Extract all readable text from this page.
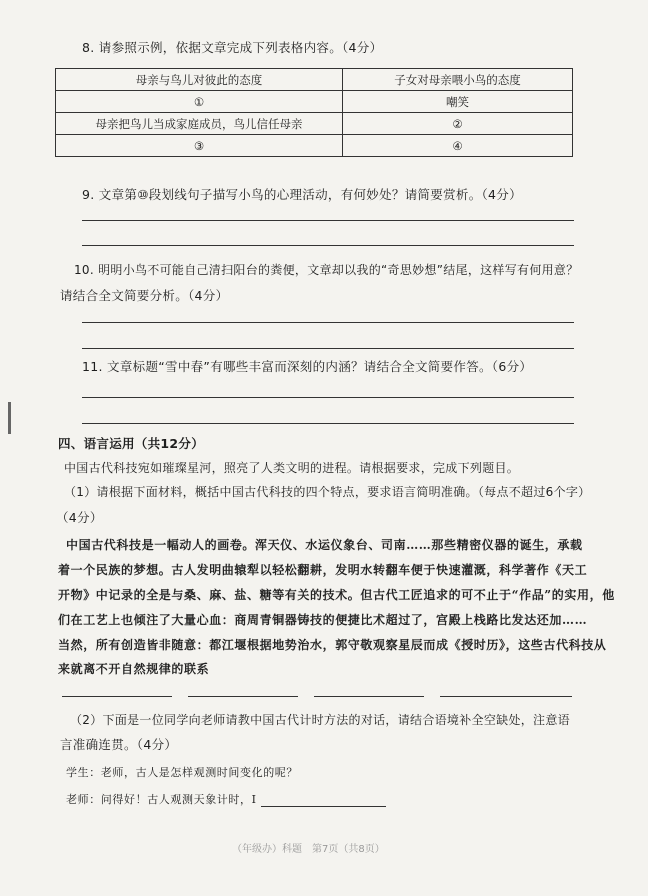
8. 请参照示例，依据文章完成下列表格内容。（4分）
母亲与鸟儿对彼此的态度	子女对母亲喂小鸟的态度
①	嘲笑
母亲把鸟儿当成家庭成员，鸟儿信任母亲	②
③	④
9. 文章第⑩段划线句子描写小鸟的心理活动，有何妙处？请简要赏析。（4分）
10. 明明小鸟不可能自己清扫阳台的粪便，文章却以我的“奇思妙想”结尾，这样写有何用意？
请结合全文简要分析。（4分）
11. 文章标题“雪中春”有哪些丰富而深刻的内涵？请结合全文简要作答。（6分）
四、语言运用（共12分）
中国古代科技宛如璀璨星河，照亮了人类文明的进程。请根据要求，完成下列题目。
（1）请根据下面材料，概括中国古代科技的四个特点，要求语言简明准确。（每点不超过6个字）
（4分）
中国古代科技是一幅动人的画卷。浑天仪、水运仪象台、司南……那些精密仪器的诞生，承载
着一个民族的梦想。古人发明曲辕犁以轻松翻耕，发明水转翻车便于快速灌溉，科学著作《天工
开物》中记录的全是与桑、麻、盐、糖等有关的技术。但古代工匠追求的可不止于“作品”的实用，他
们在工艺上也倾注了大量心血：商周青铜器铸技的便捷比术超过了，宫殿上栈路比发达还加……
当然，所有创造皆非随意：都江堰根据地势治水，郭守敬观察星辰而成《授时历》，这些古代科技从
来就离不开自然规律的联系
（2）下面是一位同学向老师请教中国古代计时方法的对话，请结合语境补全空缺处，注意语
言准确连贯。（4分）
学生：老师，古人是怎样观测时间变化的呢？
老师：问得好！古人观测天象计时，Ⅰ
（年级办）科题　第7页（共8页）
